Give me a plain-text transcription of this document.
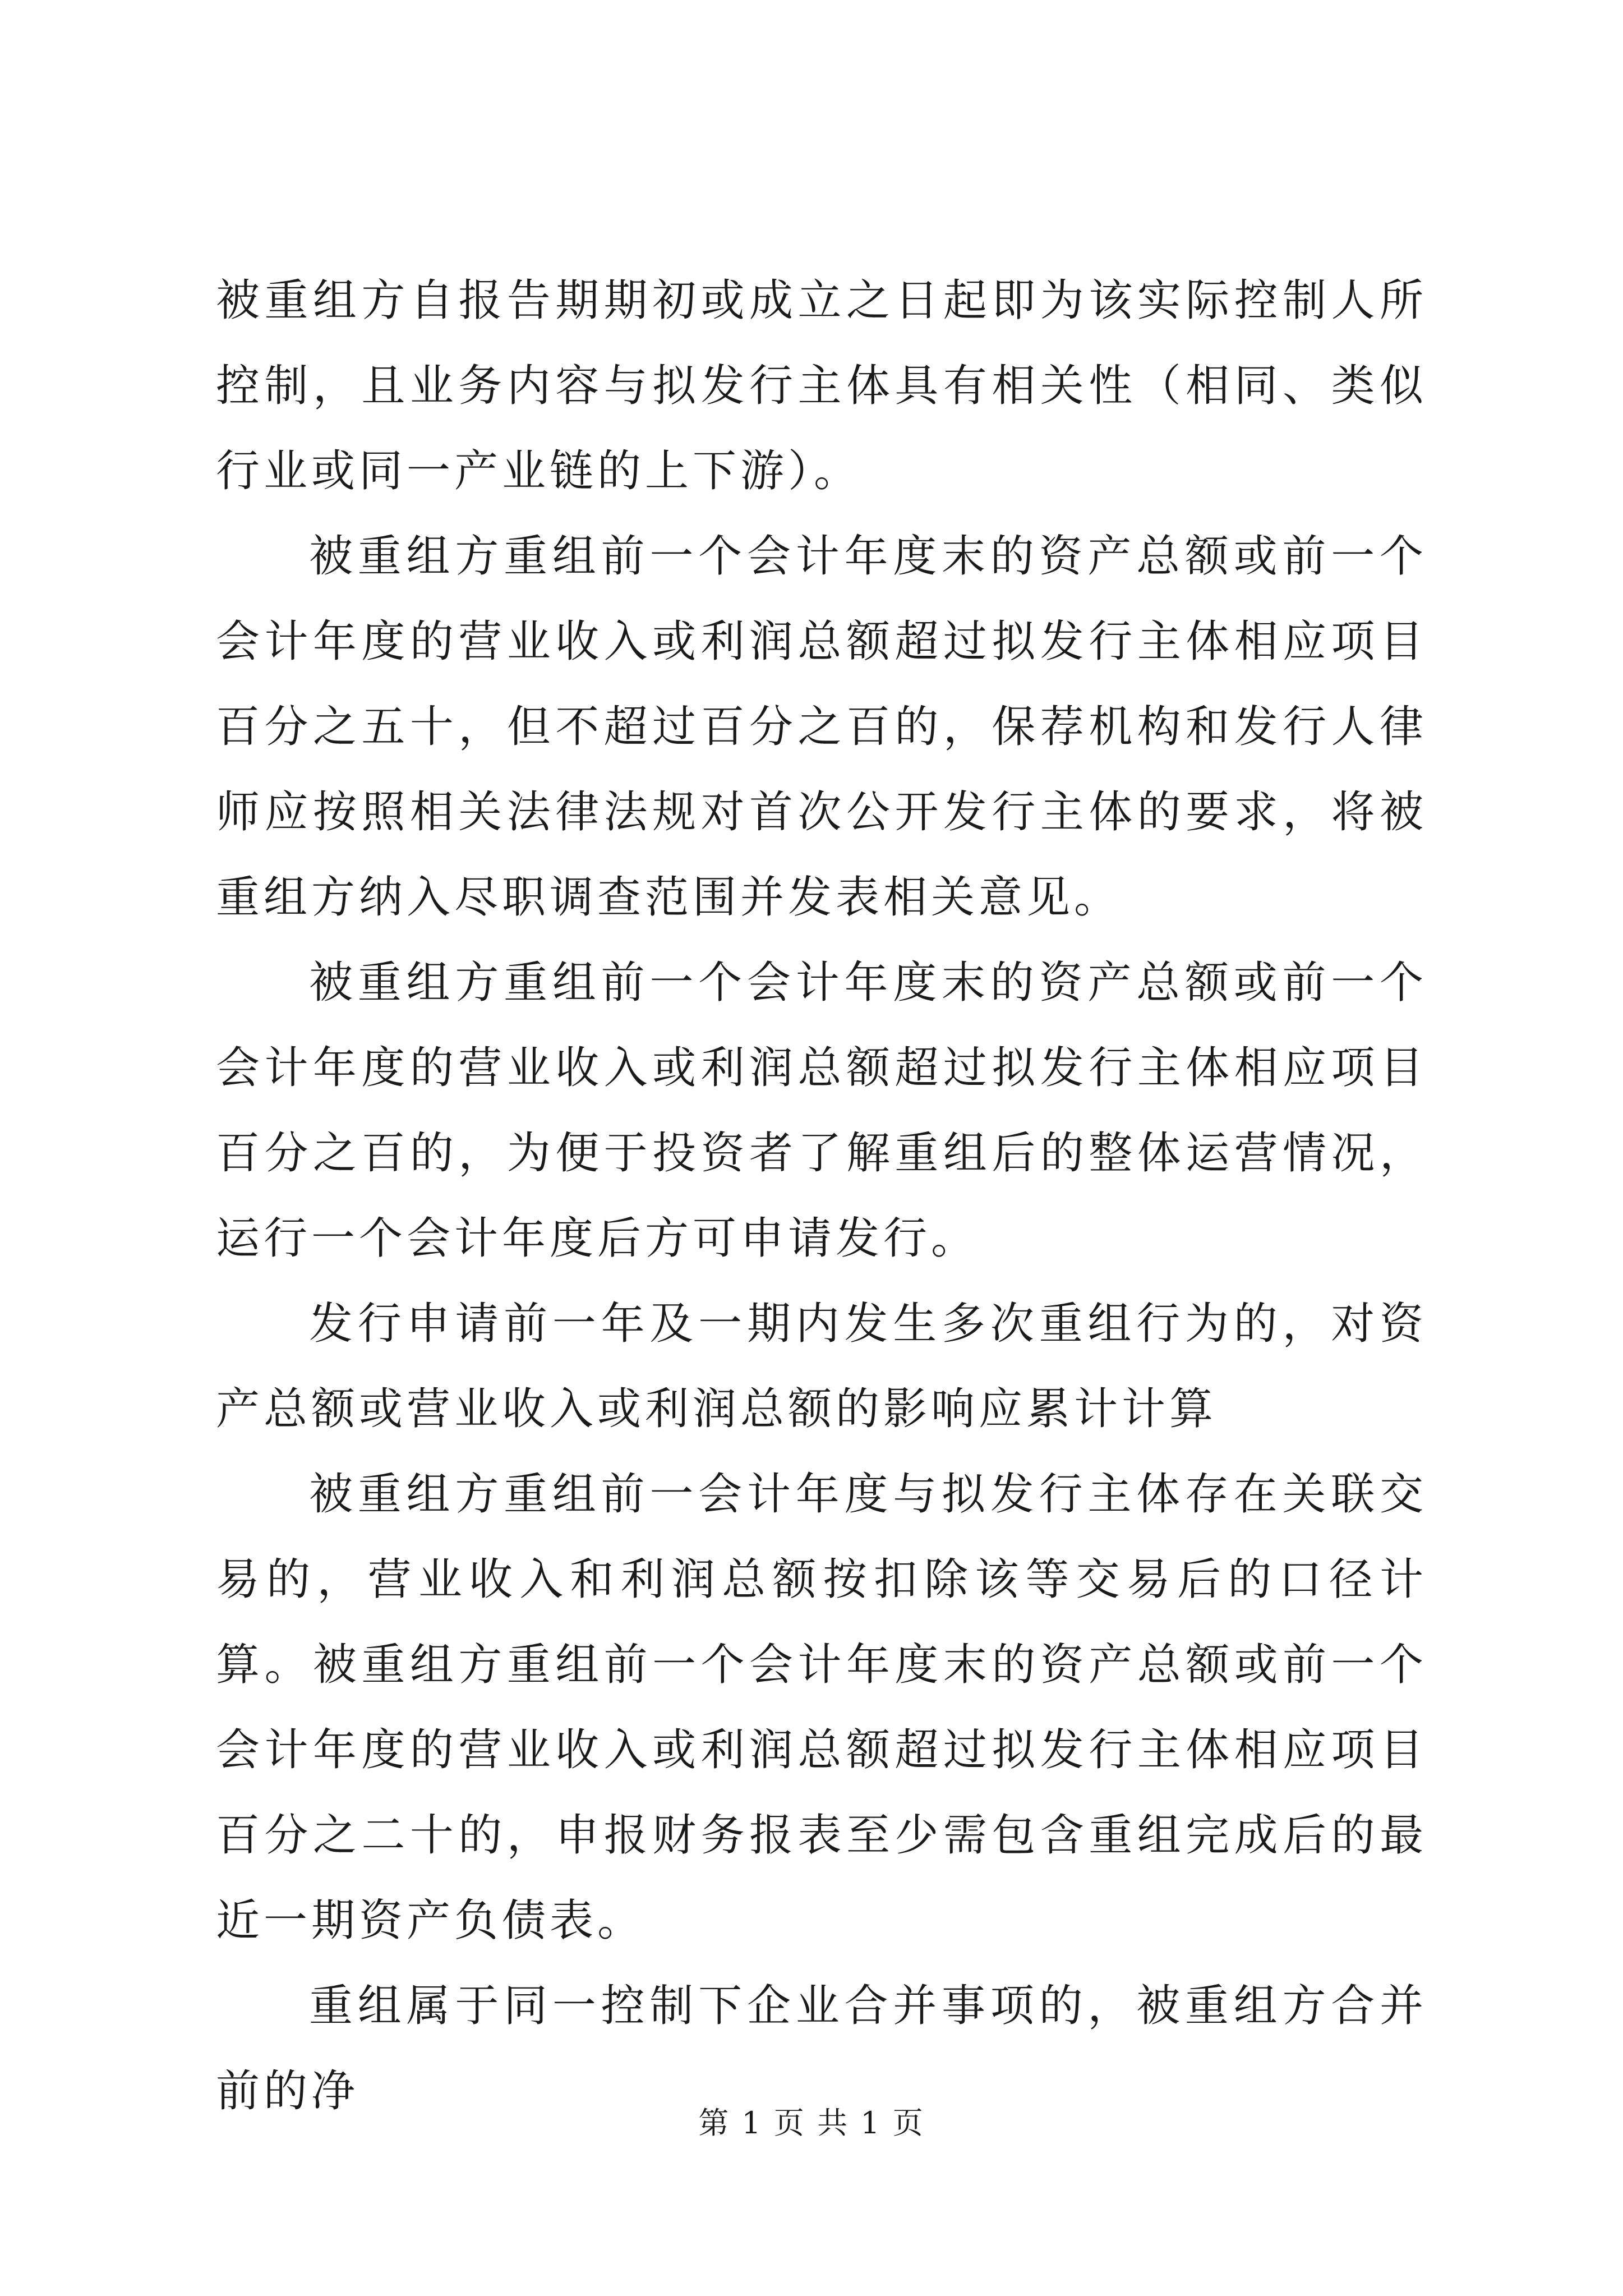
被重组方自报告期期初或成立之日起即为该实际控制人所控制，且业务内容与拟发行主体具有相关性（相同、类似行业或同一产业链的上下游）。

被重组方重组前一个会计年度末的资产总额或前一个会计年度的营业收入或利润总额超过拟发行主体相应项目百分之五十，但不超过百分之百的，保荐机构和发行人律师应按照相关法律法规对首次公开发行主体的要求，将被重组方纳入尽职调查范围并发表相关意见。

被重组方重组前一个会计年度末的资产总额或前一个会计年度的营业收入或利润总额超过拟发行主体相应项目百分之百的，为便于投资者了解重组后的整体运营情况，运行一个会计年度后方可申请发行。

发行申请前一年及一期内发生多次重组行为的，对资产总额或营业收入或利润总额的影响应累计计算

被重组方重组前一会计年度与拟发行主体存在关联交易的，营业收入和利润总额按扣除该等交易后的口径计算。被重组方重组前一个会计年度末的资产总额或前一个会计年度的营业收入或利润总额超过拟发行主体相应项目百分之二十的，申报财务报表至少需包含重组完成后的最近一期资产负债表。

重组属于同一控制下企业合并事项的，被重组方合并前的净

第 1 页 共 1 页
